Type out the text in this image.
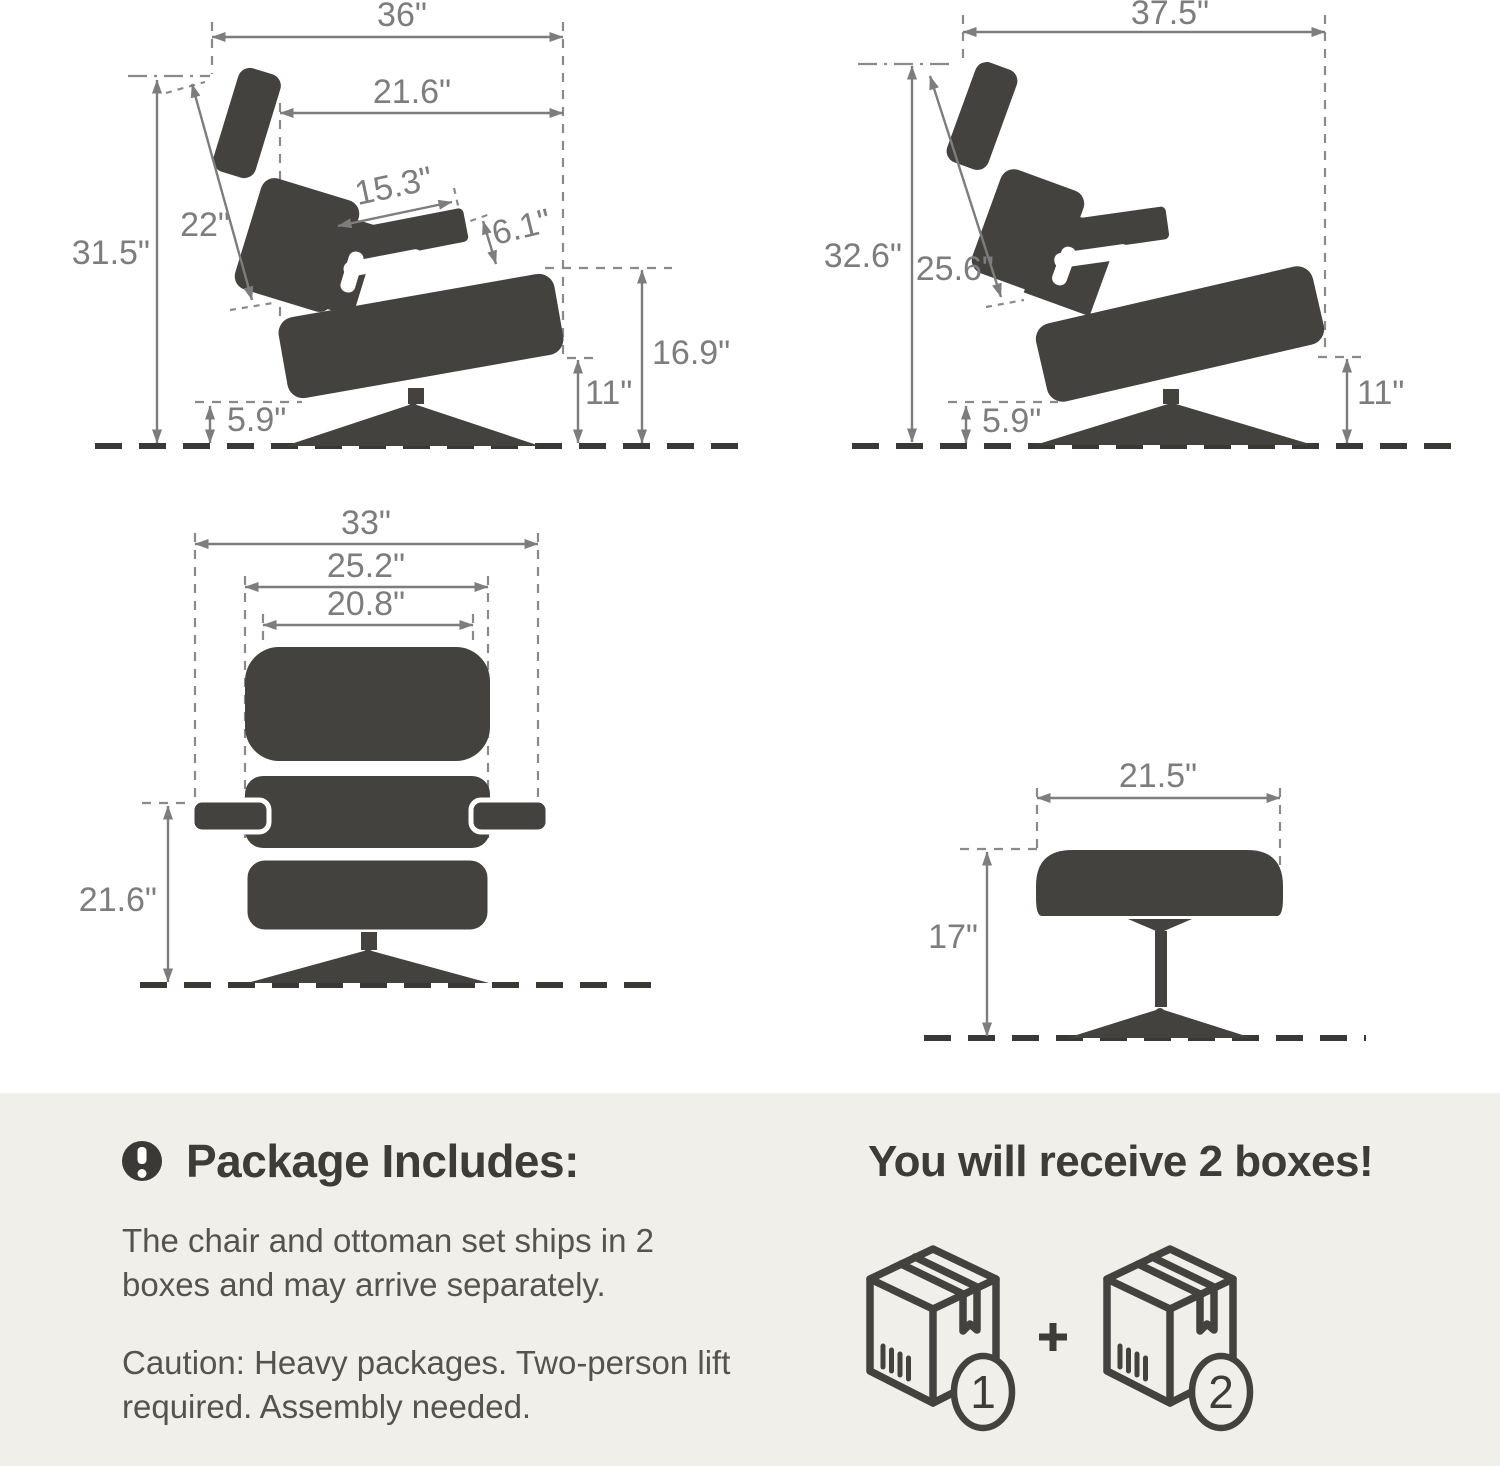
36"
21.6"
31.5"
22"
15.3"
6.1"
16.9"
11"
5.9"
37.5"
32.6" 25.6"
5.9"
11"
33"
25.2"
20.8"
21.6"
21.5"
17"
Package Includes:	You will receive 2 boxes!
1	2
The chair and ottoman set ships in 2 boxes and may arrive separately.
Caution: Heavy packages. Two-person lift required. Assembly needed.
